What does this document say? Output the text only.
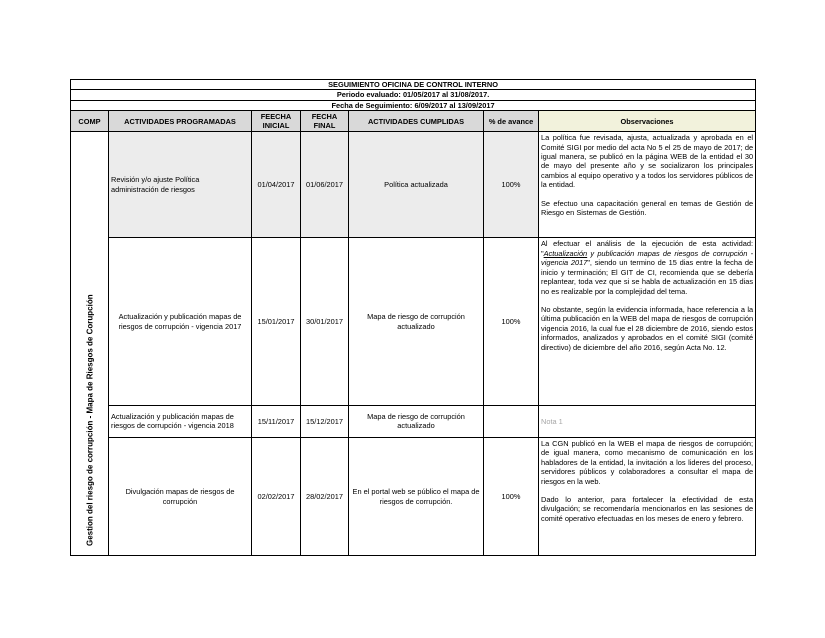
SEGUIMIENTO OFICINA DE CONTROL INTERNO						
Periodo evaluado: 01/05/2017 al 31/08/2017.						
Fecha de Seguimiento: 6/09/2017 al 13/09/2017						
COMP	ACTIVIDADES PROGRAMADAS	FEECHA INICIAL	FECHA FINAL	ACTIVIDADES CUMPLIDAS	% de avance	Observaciones

Gestion del riesgo de corrupción - Mapa de Riesgos de Corupción	Revisión y/o ajuste Política administración de riesgos	01/04/2017	01/06/2017	Política actualizada	100%	La política fue revisada, ajusta, actualizada y aprobada en el Comité SIGI por medio del acta No 5 el 25 de mayo de 2017; de igual manera, se publicó en la página WEB de la entidad el 30 de mayo del presente año y se socializaron los principales cambios al equipo operativo y a todos los servidores públicos de la entidad.

Se efectuo una capacitación general en temas de Gestión de Riesgo en Sistemas de Gestión.

	Actualización y publicación mapas de riesgos de corrupción - vigencia 2017	15/01/2017	30/01/2017	Mapa de riesgo de corrupción actualizado	100%	Al efectuar el análisis de la ejecución de esta actividad: "Actualización y publicación mapas de riesgos de corrupción - vigencia 2017", siendo un termino de 15 dias entre la fecha de inicio y terminación; El GIT de CI, recomienda que se debería replantear, toda vez que si se habla de actualización en 15 dias no es realizable por la complejidad del tema.

No obstante, según la evidencia informada, hace referencia a la última publicación en la WEB del mapa de riesgos de corrupción vigencia 2016, la cual fue el 28 diciembre de 2016, siendo estos informados, analizados y aprobados en el comité SIGI (comité directivo) de diciembre del año 2016, según Acta No. 12.

	Actualización y publicación mapas de riesgos de corrupción - vigencia 2018	15/11/2017	15/12/2017	Mapa de riesgo de corrupción actualizado		Nota 1
	Divulgación mapas de riesgos de corrupción	02/02/2017	28/02/2017	En el portal web se público el mapa de riesgos de corrupción.	100%	La CGN publicó en la WEB el mapa de riesgos de corrupción; de igual manera, como mecanismo de comunicación en los habladores de la entidad, la invitación a los lideres del proceso, servidores públicos y colaboradores a consultar el mapa de riesgos en la web.

Dado lo anterior, para fortalecer la efectividad de esta divulgación; se recomendaría mencionarlos en las sesiones de comité operativo efectuadas en los meses de enero y febrero.
